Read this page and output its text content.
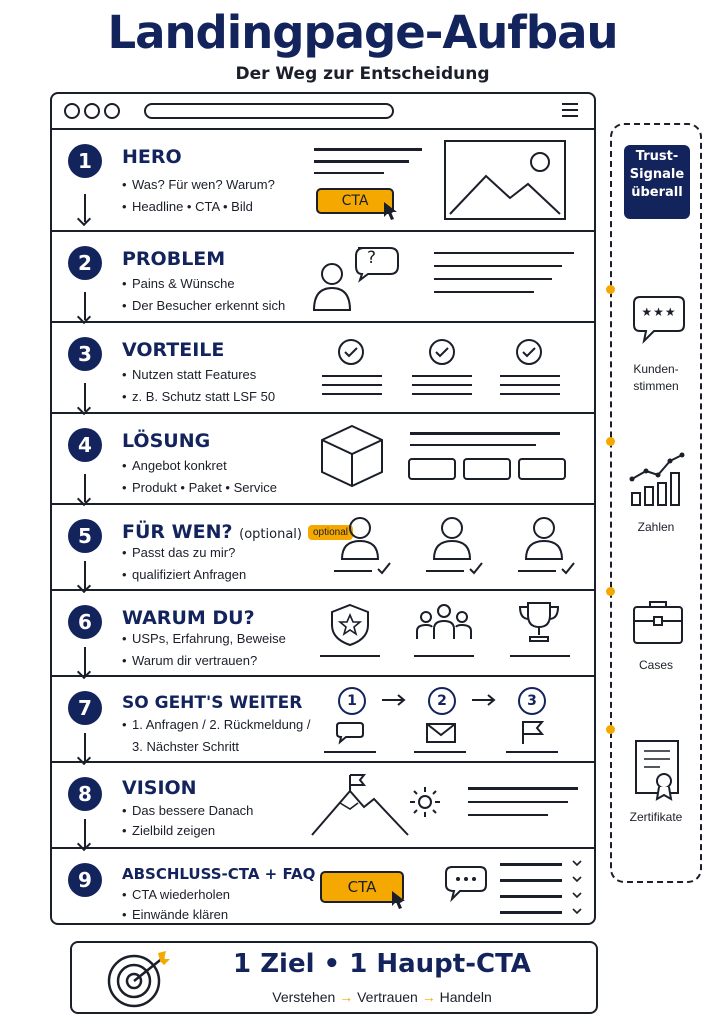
Landingpage-Aufbau
Der Weg zur Entscheidung
1	HERO
• Was? Für wen? Warum?
• Headline • CTA • Bild	CTA
2	PROBLEM
• Pains & Wünsche
• Der Besucher erkennt sich
?
3	VORTEILE
• Nutzen statt Features
• z. B. Schutz statt LSF 50
4	LÖSUNG
• Angebot konkret
• Produkt • Paket • Service
5	FÜR WEN? (optional) optional
• Passt das zu mir?
• qualifiziert Anfragen
6	WARUM DU?
• USPs, Erfahrung, Beweise
• Warum dir vertrauen?
7	SO GEHT'S WEITER
• 1. Anfragen / 2. Rückmeldung /
3. Nächster Schritt
1	2	3
8	VISION
• Das bessere Danach
• Zielbild zeigen
9	ABSCHLUSS-CTA + FAQ
• CTA wiederholen
• Einwände klären
CTA
Trust-
Signale
überall
★★★
Kunden-
stimmen
Zahlen
Cases
Zertifikate
1 Ziel • 1 Haupt-CTA
Verstehen → Vertrauen → Handeln
